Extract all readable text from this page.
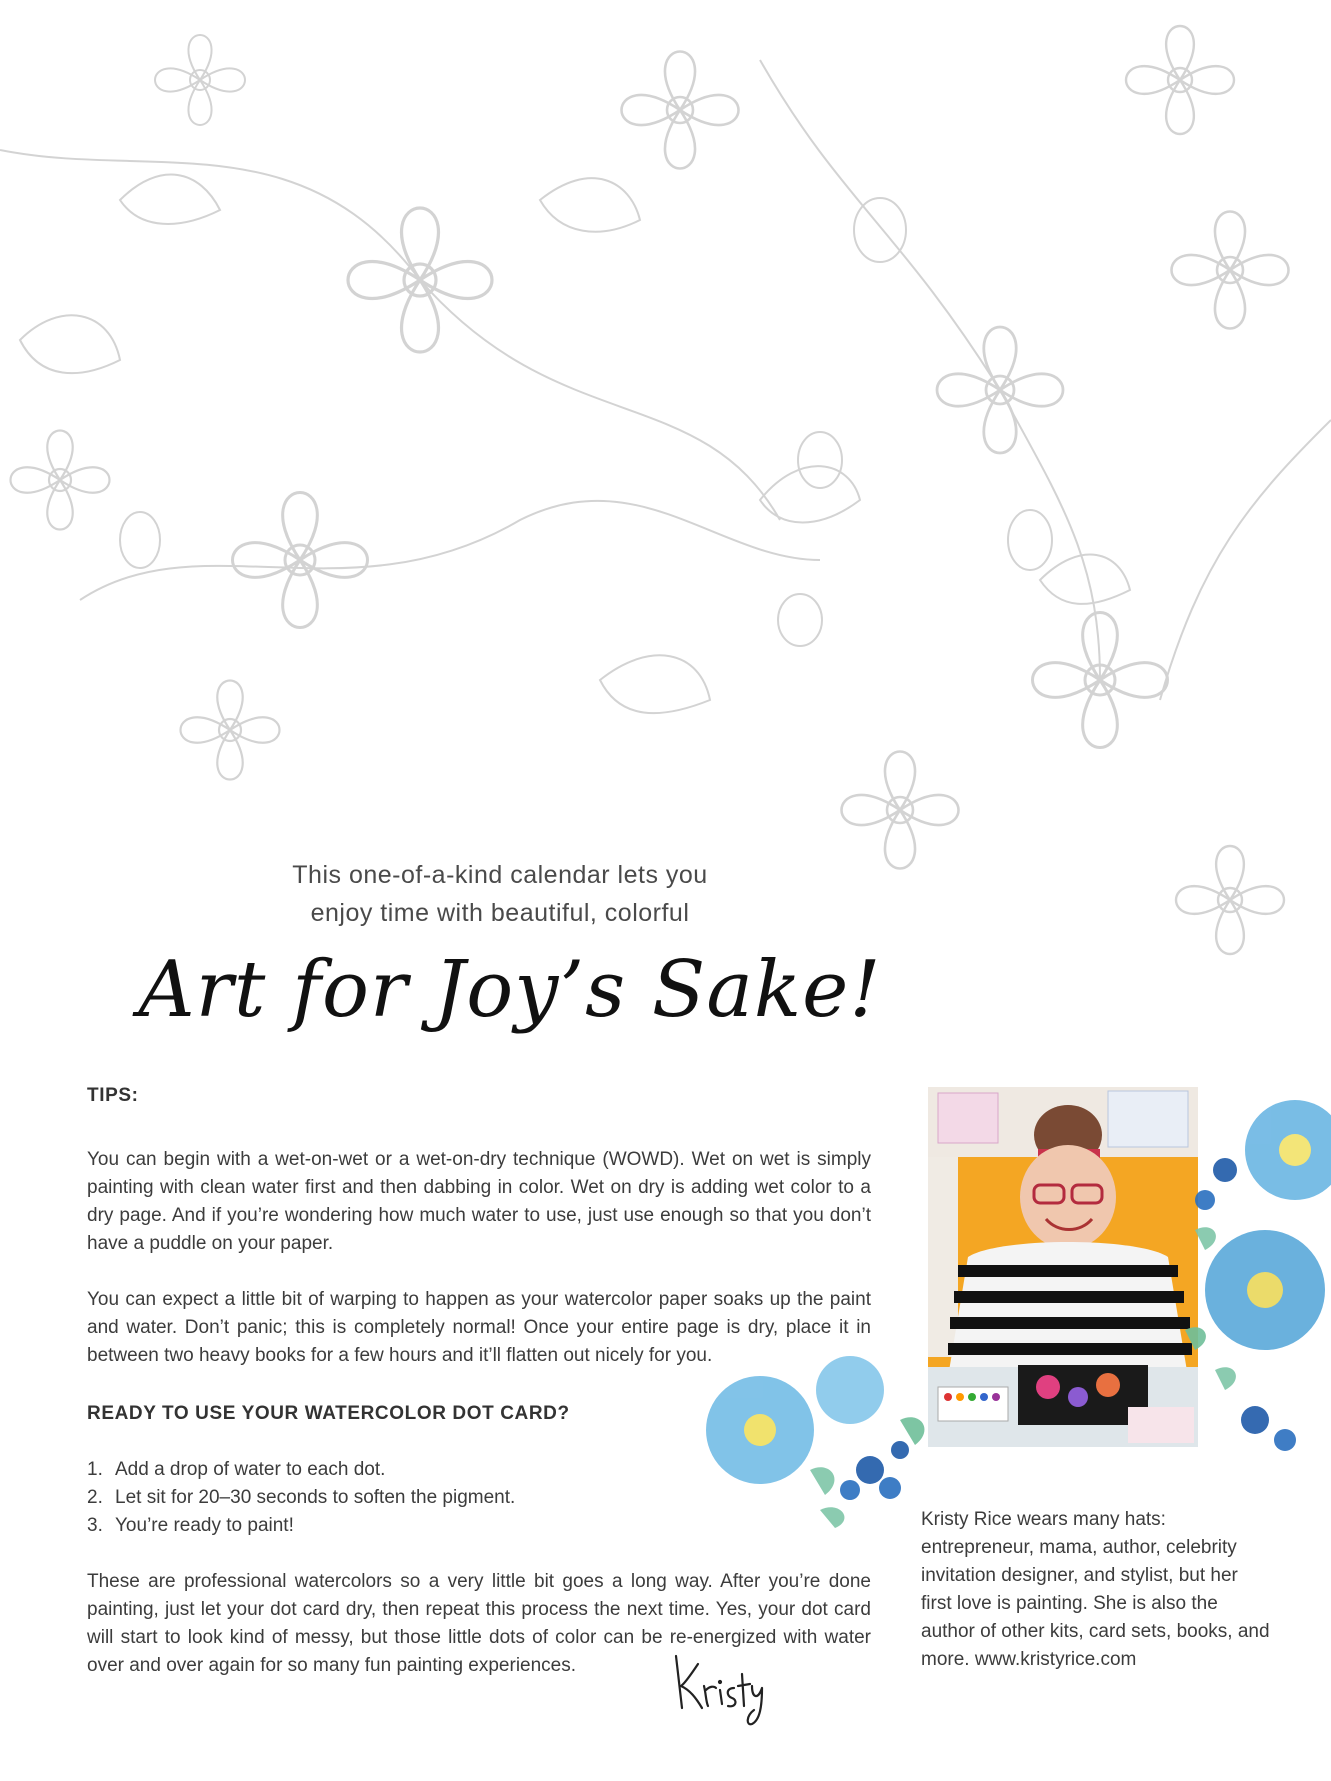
This one-of-a-kind calendar lets you
enjoy time with beautiful, colorful
Art for Joy’s Sake!
TIPS:

You can begin with a wet-on-wet or a wet-on-dry technique (WOWD). Wet on wet is simply painting with clean water first and then dabbing in color. Wet on dry is adding wet color to a dry page. And if you’re wondering how much water to use, just use enough so that you don’t have a puddle on your paper.

You can expect a little bit of warping to happen as your watercolor paper soaks up the paint and water. Don’t panic; this is completely normal! Once your entire page is dry, place it in between two heavy books for a few hours and it’ll flatten out nicely for you.

READY TO USE YOUR WATERCOLOR DOT CARD?
1. Add a drop of water to each dot.
2. Let sit for 20–30 seconds to soften the pigment.
3. You’re ready to paint!

These are professional watercolors so a very little bit goes a long way. After you’re done painting, just let your dot card dry, then repeat this process the next time. Yes, your dot card will start to look kind of messy, but those little dots of color can be re-energized with water over and over again for so many fun painting experiences.

Kristy Rice wears many hats: entrepreneur, mama, author, celebrity invitation designer, and stylist, but her first love is painting. She is also the author of other kits, card sets, books, and more. www.kristyrice.com
